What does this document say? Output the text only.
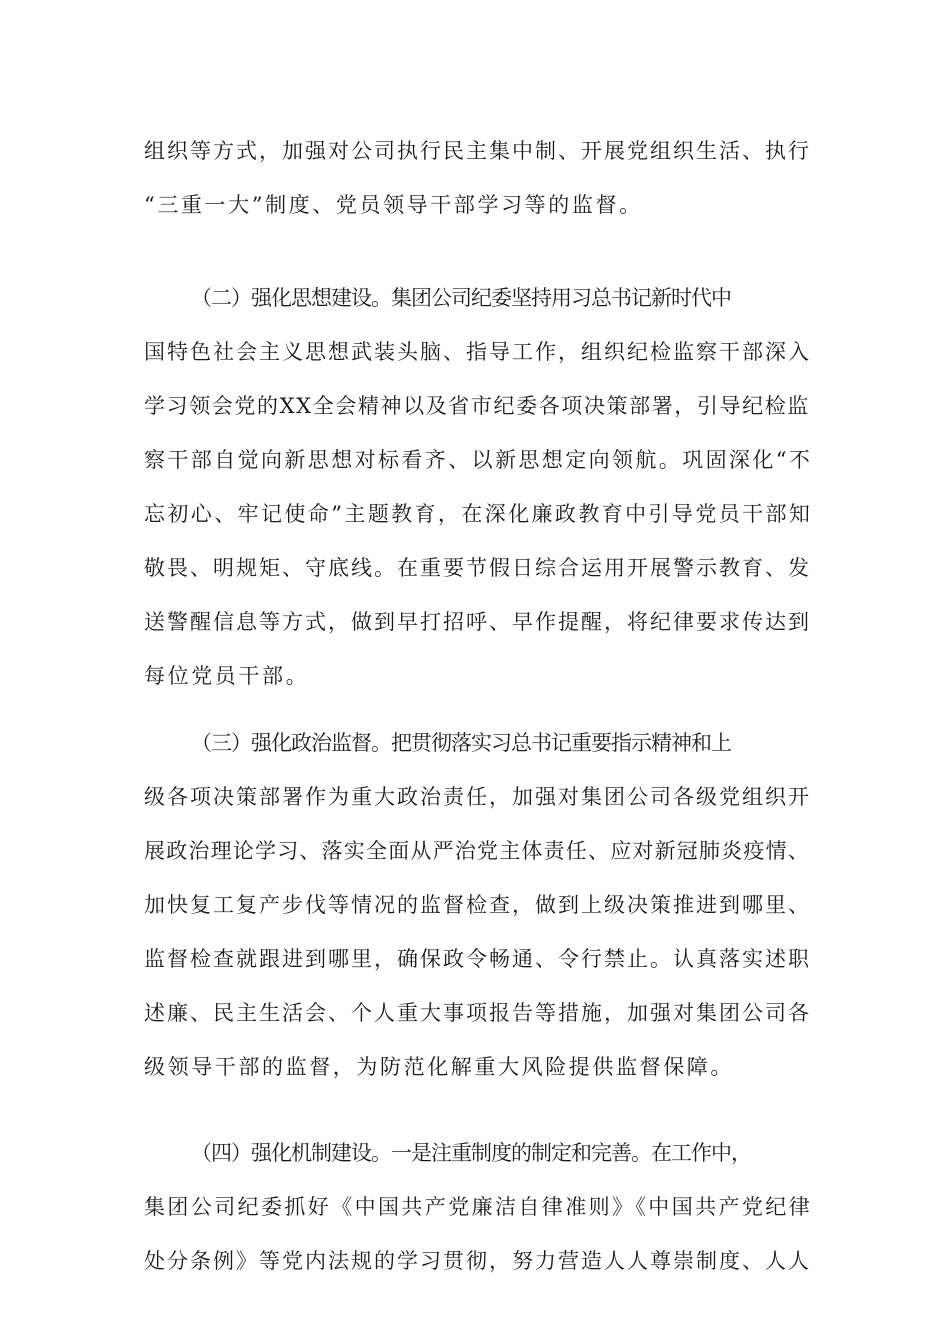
组织等方式，加强对公司执行民主集中制、开展党组织生活、执行
“三重一大”制度、党员领导干部学习等的监督。
（二）强化思想建设。集团公司纪委坚持用习总书记新时代中
国特色社会主义思想武装头脑、指导工作，组织纪检监察干部深入
学习领会党的XX全会精神以及省市纪委各项决策部署，引导纪检监
察干部自觉向新思想对标看齐、以新思想定向领航。巩固深化“不
忘初心、牢记使命”主题教育，在深化廉政教育中引导党员干部知
敬畏、明规矩、守底线。在重要节假日综合运用开展警示教育、发
送警醒信息等方式，做到早打招呼、早作提醒，将纪律要求传达到
每位党员干部。
（三）强化政治监督。把贯彻落实习总书记重要指示精神和上
级各项决策部署作为重大政治责任，加强对集团公司各级党组织开
展政治理论学习、落实全面从严治党主体责任、应对新冠肺炎疫情、
加快复工复产步伐等情况的监督检查，做到上级决策推进到哪里、
监督检查就跟进到哪里，确保政令畅通、令行禁止。认真落实述职
述廉、民主生活会、个人重大事项报告等措施，加强对集团公司各
级领导干部的监督，为防范化解重大风险提供监督保障。
（四）强化机制建设。一是注重制度的制定和完善。在工作中，
集团公司纪委抓好《中国共产党廉洁自律准则》《中国共产党纪律
处分条例》等党内法规的学习贯彻，努力营造人人尊崇制度、人人
